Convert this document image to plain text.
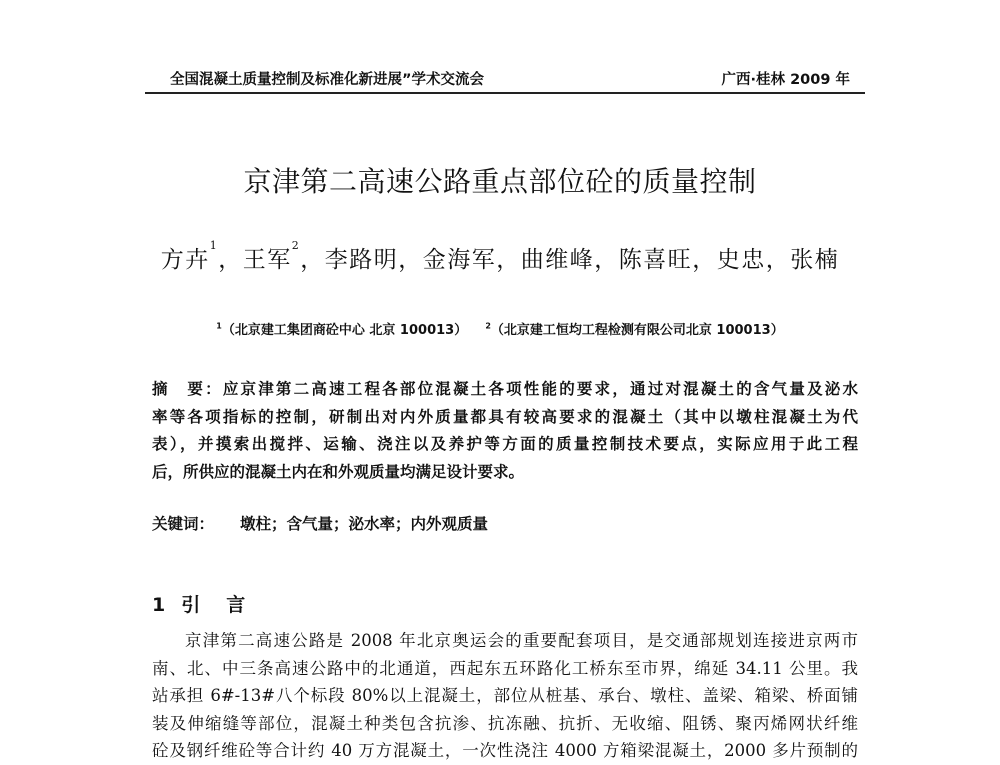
全国混凝土质量控制及标准化新进展”学术交流会	广西·桂林 2009 年
京津第二高速公路重点部位砼的质量控制
方卉$^1$，王军$^2$，李路明，金海军，曲维峰，陈喜旺，史忠，张楠
$^1$（北京建工集团商砼中心 北京 100013） $^2$（北京建工恒均工程检测有限公司北京 100013）
摘　要：应京津第二高速工程各部位混凝土各项性能的要求，通过对混凝土的含气量及泌水
率等各项指标的控制，研制出对内外质量都具有较高要求的混凝土（其中以墩柱混凝土为代
表），并摸索出搅拌、运输、浇注以及养护等方面的质量控制技术要点，实际应用于此工程
后，所供应的混凝土内在和外观质量均满足设计要求。
关键词： 墩柱；含气量；泌水率；内外观质量
1 引言
京津第二高速公路是 2008 年北京奥运会的重要配套项目，是交通部规划连接进京两市
南、北、中三条高速公路中的北通道，西起东五环路化工桥东至市界，绵延 34.11 公里。我
站承担 6#-13#八个标段 80%以上混凝土，部位从桩基、承台、墩柱、盖梁、箱梁、桥面铺
装及伸缩缝等部位，混凝土种类包含抗渗、抗冻融、抗折、无收缩、阻锈、聚丙烯网状纤维
砼及钢纤维砼等合计约 40 万方混凝土，一次性浇注 4000 方箱梁混凝土，2000 多片预制的
